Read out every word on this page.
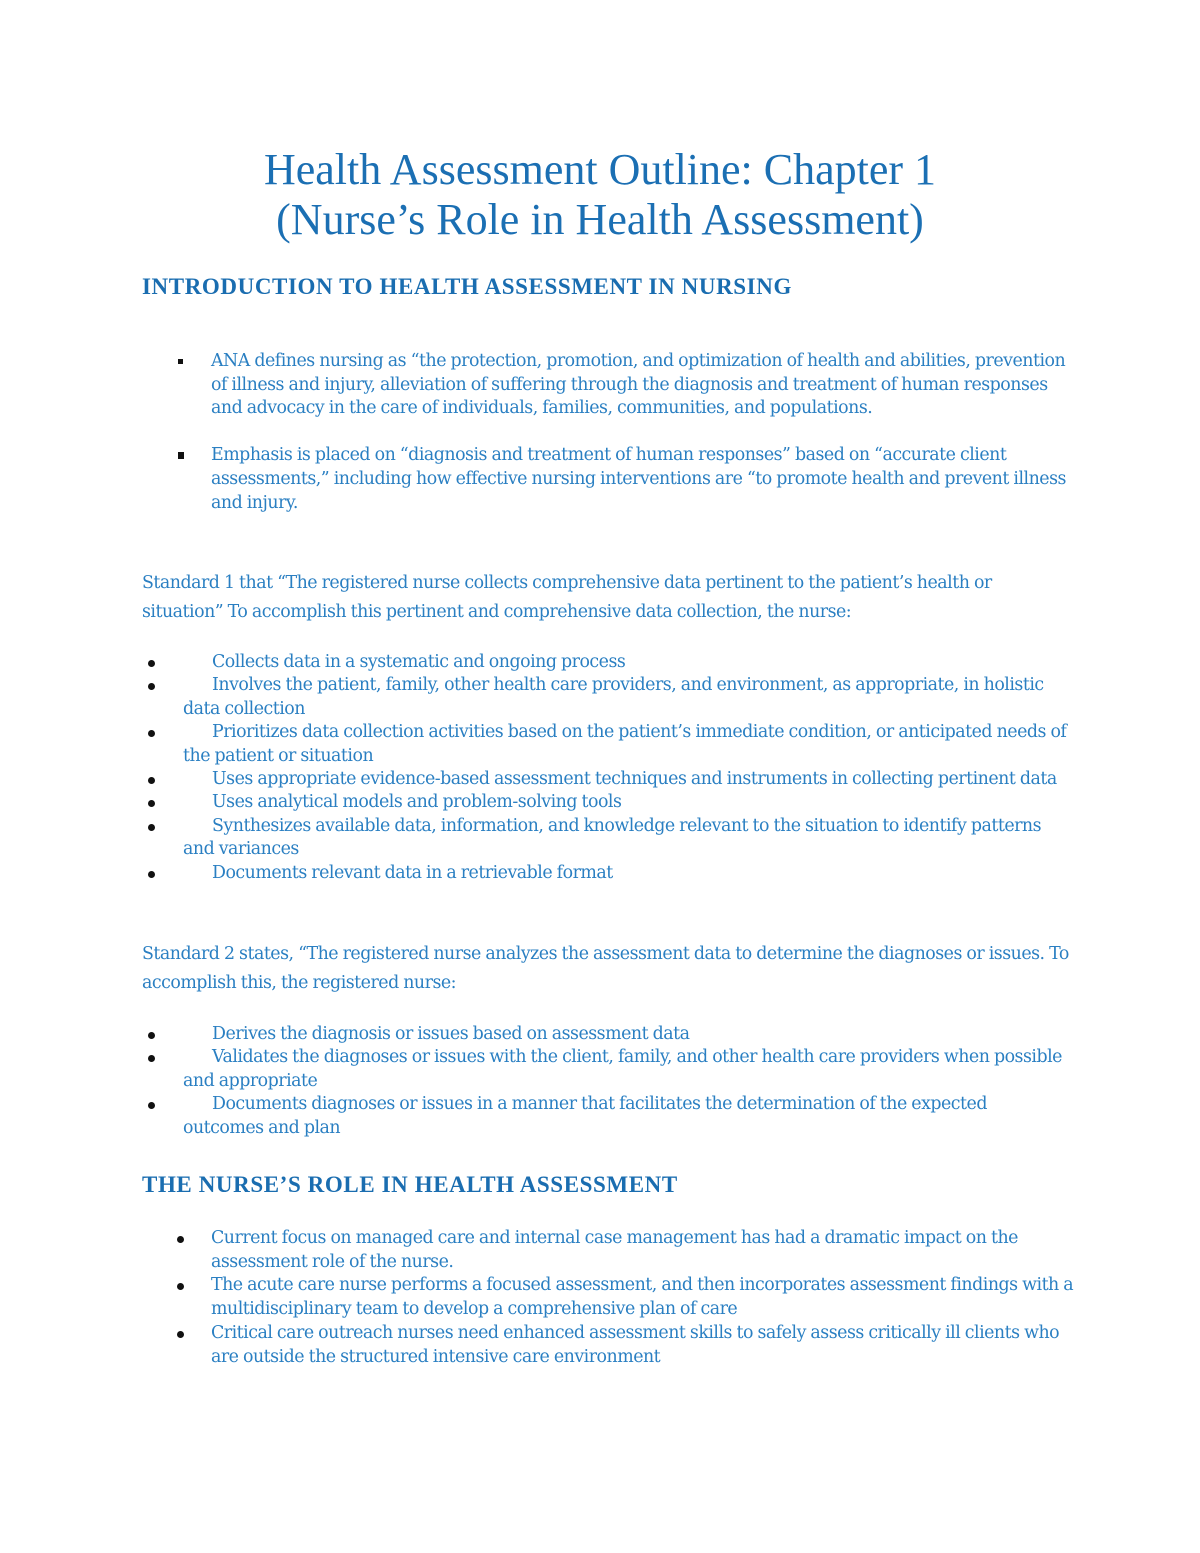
Health Assessment Outline: Chapter 1
(Nurse’s Role in Health Assessment)
INTRODUCTION TO HEALTH ASSESSMENT IN NURSING
ANA defines nursing as “the protection, promotion, and optimization of health and abilities, prevention of illness and injury, alleviation of suffering through the diagnosis and treatment of human responses and advocacy in the care of individuals, families, communities, and populations.
Emphasis is placed on “diagnosis and treatment of human responses” based on “accurate client assessments,” including how effective nursing interventions are “to promote health and prevent illness and injury.

Standard 1 that “The registered nurse collects comprehensive data pertinent to the patient’s health or situation” To accomplish this pertinent and comprehensive data collection, the nurse:

Collects data in a systematic and ongoing process
Involves the patient, family, other health care providers, and environment, as appropriate, in holistic data collection
Prioritizes data collection activities based on the patient’s immediate condition, or anticipated needs of the patient or situation
Uses appropriate evidence-based assessment techniques and instruments in collecting pertinent data
Uses analytical models and problem-solving tools
Synthesizes available data, information, and knowledge relevant to the situation to identify patterns and variances
Documents relevant data in a retrievable format

Standard 2 states, “The registered nurse analyzes the assessment data to determine the diagnoses or issues. To accomplish this, the registered nurse:

Derives the diagnosis or issues based on assessment data
Validates the diagnoses or issues with the client, family, and other health care providers when possible and appropriate
Documents diagnoses or issues in a manner that facilitates the determination of the expected outcomes and plan
THE NURSE’S ROLE IN HEALTH ASSESSMENT
Current focus on managed care and internal case management has had a dramatic impact on the assessment role of the nurse.
The acute care nurse performs a focused assessment, and then incorporates assessment findings with a multidisciplinary team to develop a comprehensive plan of care
Critical care outreach nurses need enhanced assessment skills to safely assess critically ill clients who are outside the structured intensive care environment
